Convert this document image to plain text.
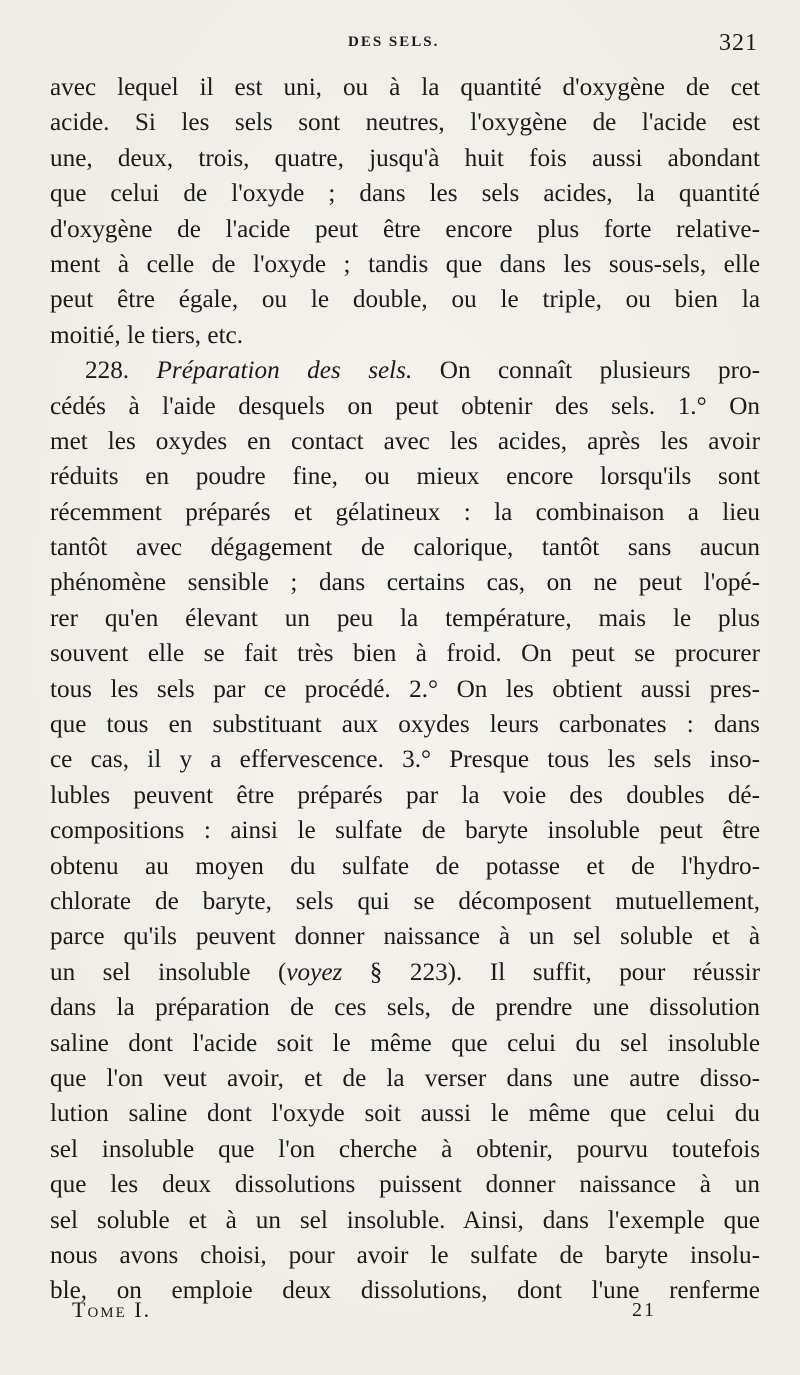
DES SELS.	321
avec lequel il est uni, ou à la quantité d'oxygène de cet
acide. Si les sels sont neutres, l'oxygène de l'acide est
une, deux, trois, quatre, jusqu'à huit fois aussi abondant
que celui de l'oxyde ; dans les sels acides, la quantité
d'oxygène de l'acide peut être encore plus forte relative-
ment à celle de l'oxyde ; tandis que dans les sous-sels, elle
peut être égale, ou le double, ou le triple, ou bien la
moitié, le tiers, etc.
228. Préparation des sels. On connaît plusieurs pro-
cédés à l'aide desquels on peut obtenir des sels. 1.° On
met les oxydes en contact avec les acides, après les avoir
réduits en poudre fine, ou mieux encore lorsqu'ils sont
récemment préparés et gélatineux : la combinaison a lieu
tantôt avec dégagement de calorique, tantôt sans aucun
phénomène sensible ; dans certains cas, on ne peut l'opé-
rer qu'en élevant un peu la température, mais le plus
souvent elle se fait très bien à froid. On peut se procurer
tous les sels par ce procédé. 2.° On les obtient aussi pres-
que tous en substituant aux oxydes leurs carbonates : dans
ce cas, il y a effervescence. 3.° Presque tous les sels inso-
lubles peuvent être préparés par la voie des doubles dé-
compositions : ainsi le sulfate de baryte insoluble peut être
obtenu au moyen du sulfate de potasse et de l'hydro-
chlorate de baryte, sels qui se décomposent mutuellement,
parce qu'ils peuvent donner naissance à un sel soluble et à
un sel insoluble (voyez § 223). Il suffit, pour réussir
dans la préparation de ces sels, de prendre une dissolution
saline dont l'acide soit le même que celui du sel insoluble
que l'on veut avoir, et de la verser dans une autre disso-
lution saline dont l'oxyde soit aussi le même que celui du
sel insoluble que l'on cherche à obtenir, pourvu toutefois
que les deux dissolutions puissent donner naissance à un
sel soluble et à un sel insoluble. Ainsi, dans l'exemple que
nous avons choisi, pour avoir le sulfate de baryte insolu-
ble, on emploie deux dissolutions, dont l'une renferme
Tome I.	21
